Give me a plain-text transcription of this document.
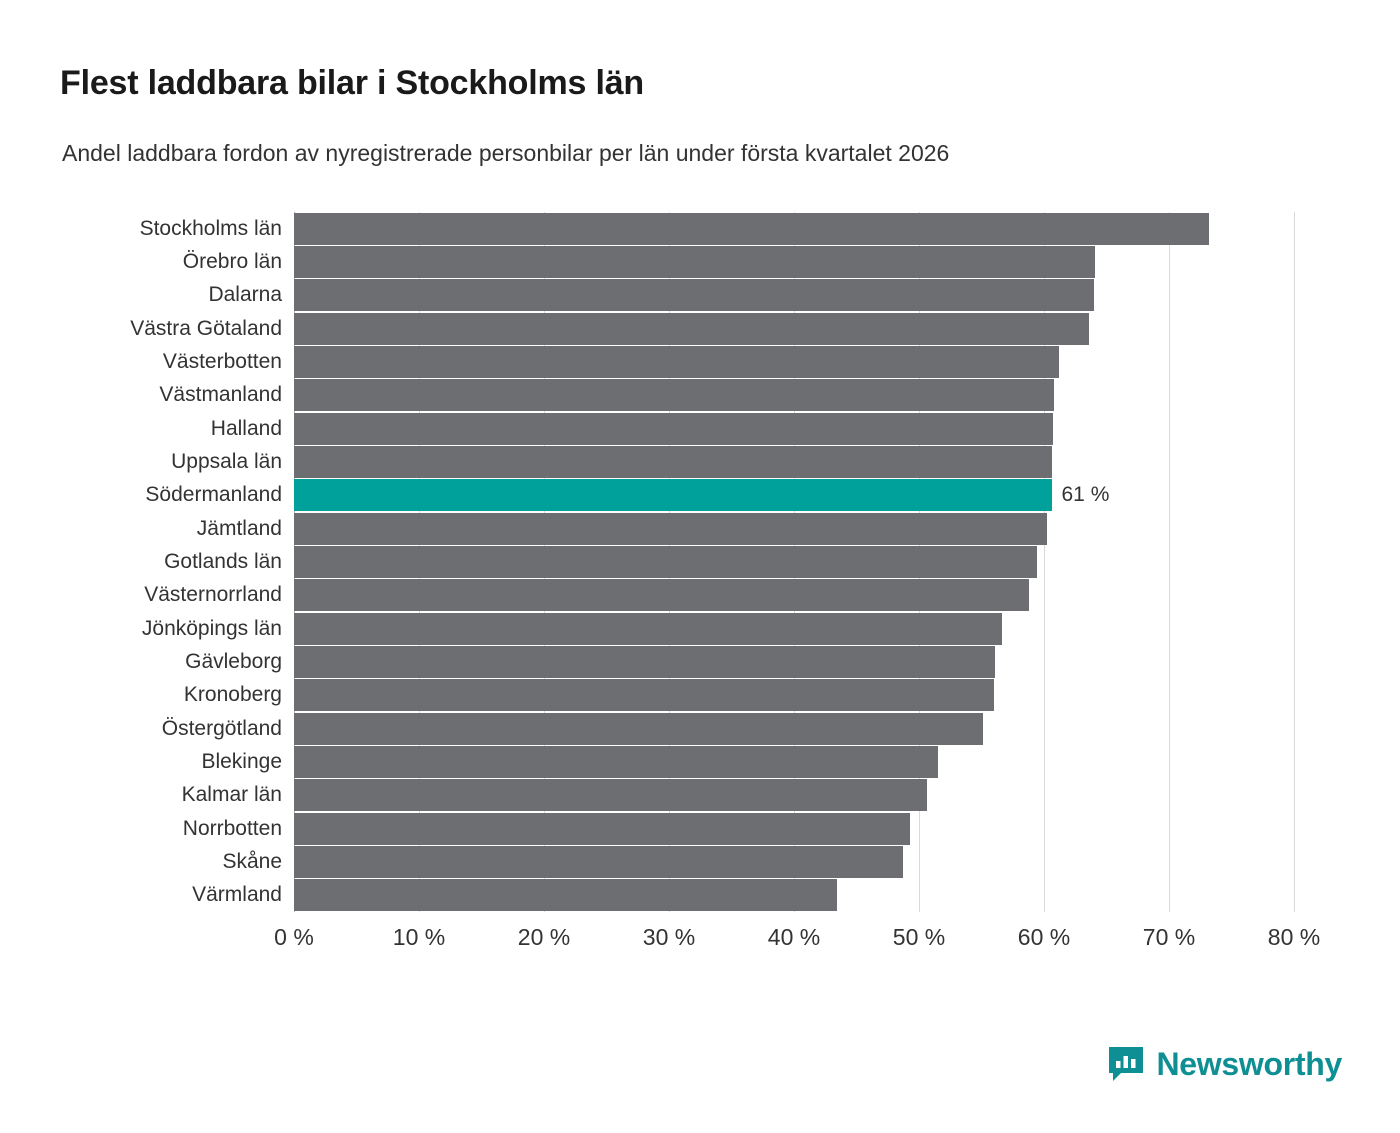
Flest laddbara bilar i Stockholms län
Andel laddbara fordon av nyregistrerade personbilar per län under första kvartalet 2026
Stockholms län
Örebro län
Dalarna
Västra Götaland
Västerbotten
Västmanland
Halland
Uppsala län
Södermanland	61 %
Jämtland
Gotlands län
Västernorrland
Jönköpings län
Gävleborg
Kronoberg
Östergötland
Blekinge
Kalmar län
Norrbotten
Skåne
Värmland
0 %	10 %	20 %	30 %	40 %	50 %	60 %	70 %	80 %
Newsworthy
